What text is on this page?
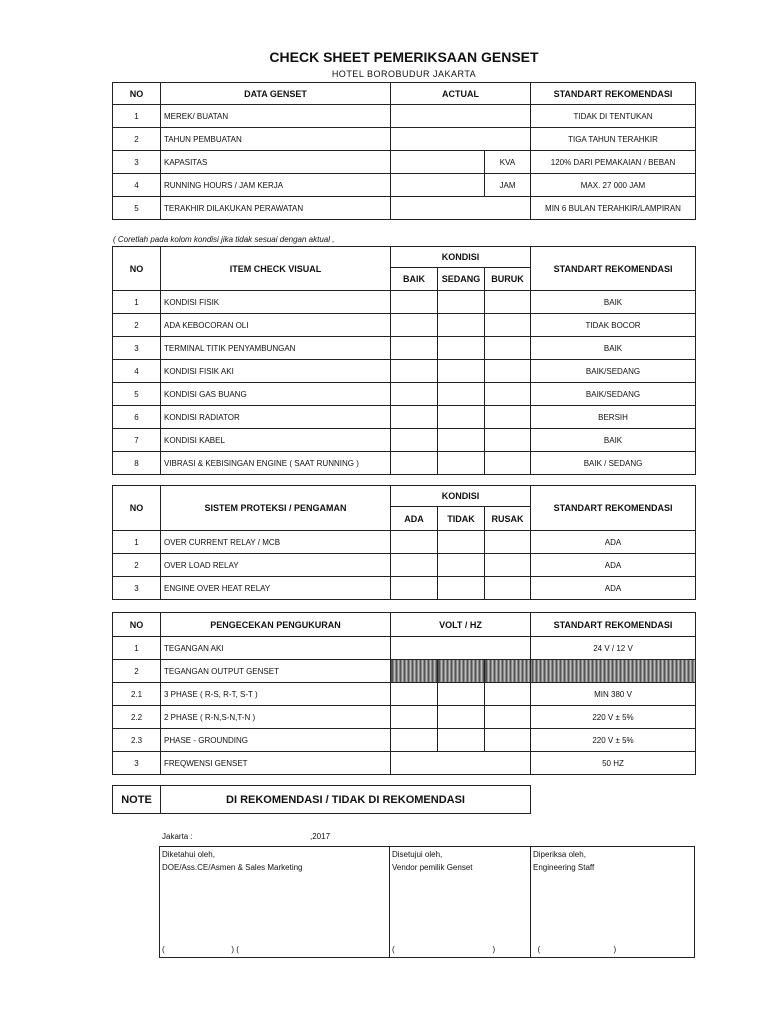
CHECK SHEET PEMERIKSAAN GENSET
HOTEL BOROBUDUR JAKARTA
NO	DATA GENSET	ACTUAL		STANDART REKOMENDASI
1	MEREK/ BUATAN			TIDAK DI TENTUKAN
2	TAHUN PEMBUATAN			TIGA TAHUN TERAHKIR
3	KAPASITAS		KVA	120% DARI PEMAKAIAN / BEBAN
4	RUNNING HOURS / JAM KERJA		JAM	MAX. 27 000 JAM
5	TERAKHIR DILAKUKAN PERAWATAN			MIN 6 BULAN TERAHKIR/LAMPIRAN
( Coretlah pada kolom kondisi jika tidak sesuai dengan aktual ,
NO	ITEM CHECK VISUAL	KONDISI			STANDART REKOMENDASI
		BAIK	SEDANG	BURUK	
1	KONDISI FISIK				BAIK
2	ADA KEBOCORAN OLI				TIDAK BOCOR
3	TERMINAL TITIK PENYAMBUNGAN				BAIK
4	KONDISI FISIK AKI				BAIK/SEDANG
5	KONDISI GAS BUANG				BAIK/SEDANG
6	KONDISI RADIATOR				BERSIH
7	KONDISI KABEL				BAIK
8	VIBRASI & KEBISINGAN ENGINE ( SAAT RUNNING )				BAIK / SEDANG
NO	SISTEM PROTEKSI / PENGAMAN	KONDISI			STANDART REKOMENDASI
		ADA	TIDAK	RUSAK	
1	OVER CURRENT RELAY / MCB				ADA
2	OVER LOAD RELAY				ADA
3	ENGINE OVER HEAT RELAY				ADA
NO	PENGECEKAN PENGUKURAN	VOLT / HZ			STANDART REKOMENDASI
1	TEGANGAN AKI				24 V / 12 V
2	TEGANGAN OUTPUT GENSET				
2.1	3 PHASE ( R-S, R-T, S-T )				MIN 380 V
2.2	2 PHASE ( R-N,S-N,T-N )				220 V ± 5%
2.3	PHASE - GROUNDING				220 V ± 5%
3	FREQWENSI GENSET				50 HZ
NOTE	DI REKOMENDASI / TIDAK DI REKOMENDASI
Jakarta :	,2017
Diketahui oleh,
DOE/Ass.CE/Asmen & Sales Marketing
(                              ) (
Disetujui oleh,
Vendor pemilik Genset
(                                            )
Diperiksa oleh,
Engineering Staff
(                                 )
